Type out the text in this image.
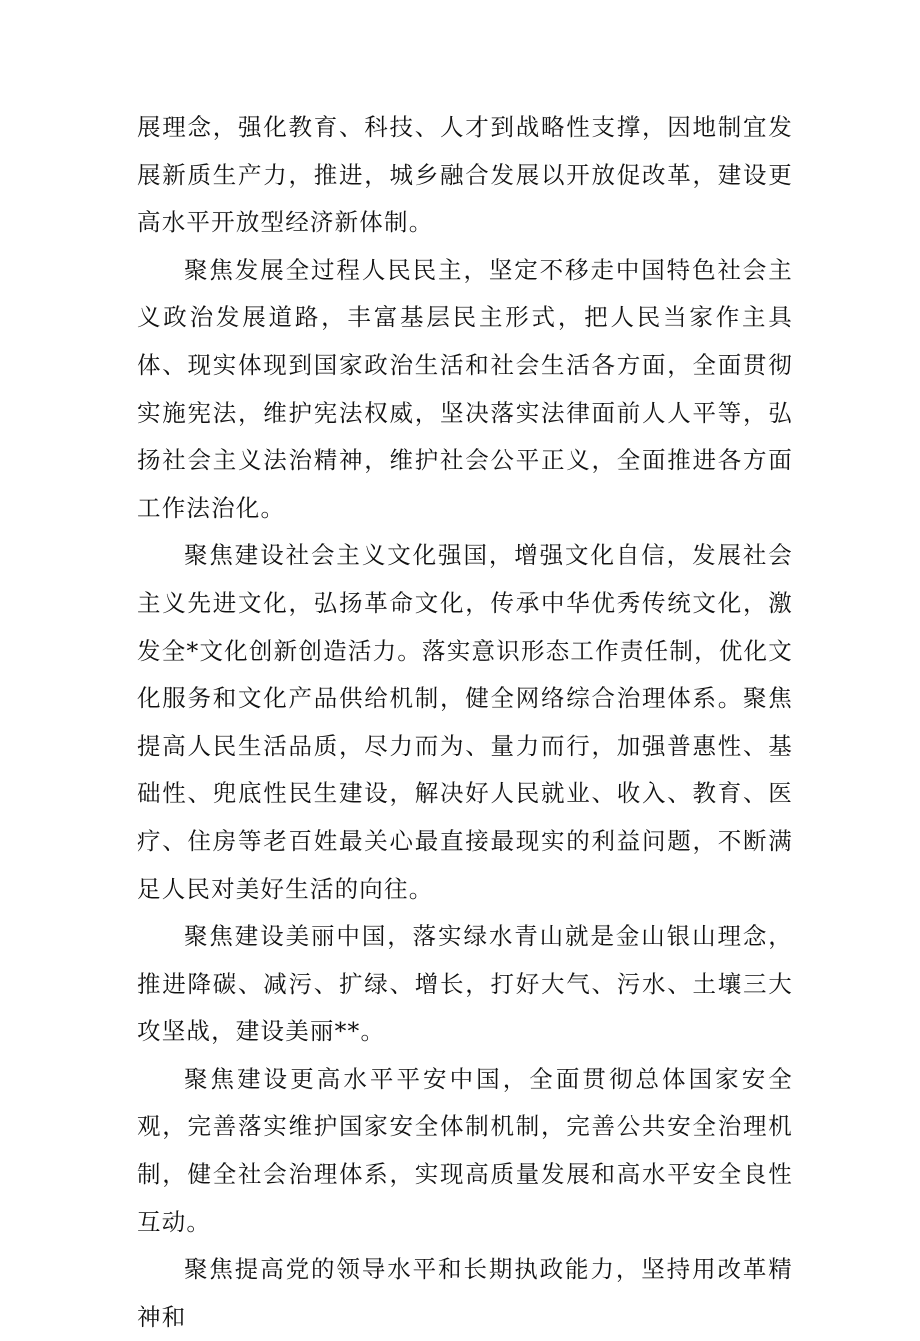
展理念，强化教育、科技、人才到战略性支撑，因地制宜发展新质生产力，推进，城乡融合发展以开放促改革，建设更高水平开放型经济新体制。

聚焦发展全过程人民民主，坚定不移走中国特色社会主义政治发展道路，丰富基层民主形式，把人民当家作主具体、现实体现到国家政治生活和社会生活各方面，全面贯彻实施宪法，维护宪法权威，坚决落实法律面前人人平等，弘扬社会主义法治精神，维护社会公平正义，全面推进各方面工作法治化。

聚焦建设社会主义文化强国，增强文化自信，发展社会主义先进文化，弘扬革命文化，传承中华优秀传统文化，激发全*文化创新创造活力。落实意识形态工作责任制，优化文化服务和文化产品供给机制，健全网络综合治理体系。聚焦提高人民生活品质，尽力而为、量力而行，加强普惠性、基础性、兜底性民生建设，解决好人民就业、收入、教育、医疗、住房等老百姓最关心最直接最现实的利益问题，不断满足人民对美好生活的向往。

聚焦建设美丽中国，落实绿水青山就是金山银山理念，推进降碳、减污、扩绿、增长，打好大气、污水、土壤三大攻坚战，建设美丽**。

聚焦建设更高水平平安中国，全面贯彻总体国家安全观，完善落实维护国家安全体制机制，完善公共安全治理机制，健全社会治理体系，实现高质量发展和高水平安全良性互动。

聚焦提高党的领导水平和长期执政能力，坚持用改革精神和
